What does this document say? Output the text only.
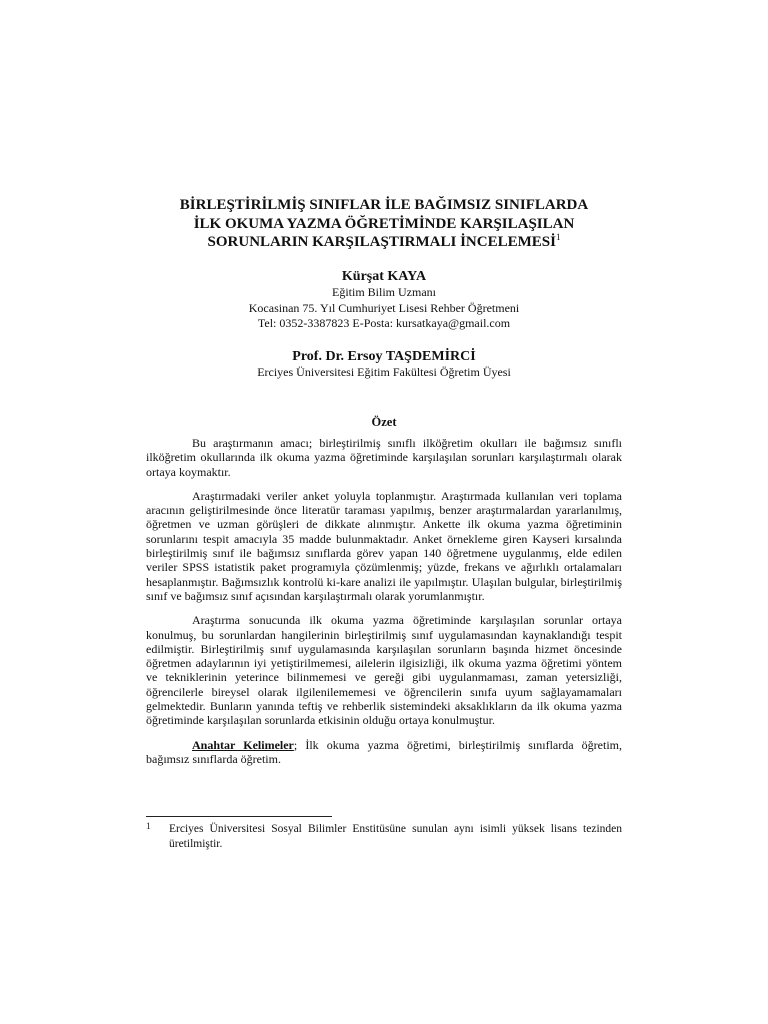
BİRLEŞTİRİLMİŞ SINIFLAR İLE BAĞIMSIZ SINIFLARDA
İLK OKUMA YAZMA ÖĞRETİMİNDE KARŞILAŞILAN
SORUNLARIN KARŞILAŞTIRMALI İNCELEMESİ$^1$
Kürşat KAYA
Eğitim Bilim Uzmanı
Kocasinan 75. Yıl Cumhuriyet Lisesi Rehber Öğretmeni
Tel: 0352-3387823 E-Posta: kursatkaya@gmail.com
Prof. Dr. Ersoy TAŞDEMİRCİ
Erciyes Üniversitesi Eğitim Fakültesi Öğretim Üyesi
Özet

Bu araştırmanın amacı; birleştirilmiş sınıflı ilköğretim okulları ile bağımsız sınıflı ilköğretim okullarında ilk okuma yazma öğretiminde karşılaşılan sorunları karşılaştırmalı olarak ortaya koymaktır.

Araştırmadaki veriler anket yoluyla toplanmıştır. Araştırmada kullanılan veri toplama aracının geliştirilmesinde önce literatür taraması yapılmış, benzer araştırmalardan yararlanılmış, öğretmen ve uzman görüşleri de dikkate alınmıştır. Ankette ilk okuma yazma öğretiminin sorunlarını tespit amacıyla 35 madde bulunmaktadır. Anket örnekleme giren Kayseri kırsalında birleştirilmiş sınıf ile bağımsız sınıflarda görev yapan 140 öğretmene uygulanmış, elde edilen veriler SPSS istatistik paket programıyla çözümlenmiş; yüzde, frekans ve ağırlıklı ortalamaları hesaplanmıştır. Bağımsızlık kontrolü ki-kare analizi ile yapılmıştır. Ulaşılan bulgular, birleştirilmiş sınıf ve bağımsız sınıf açısından karşılaştırmalı olarak yorumlanmıştır.

Araştırma sonucunda ilk okuma yazma öğretiminde karşılaşılan sorunlar ortaya konulmuş, bu sorunlardan hangilerinin birleştirilmiş sınıf uygulamasından kaynaklandığı tespit edilmiştir. Birleştirilmiş sınıf uygulamasında karşılaşılan sorunların başında hizmet öncesinde öğretmen adaylarının iyi yetiştirilmemesi, ailelerin ilgisizliği, ilk okuma yazma öğretimi yöntem ve tekniklerinin yeterince bilinmemesi ve gereği gibi uygulanmaması, zaman yetersizliği, öğrencilerle bireysel olarak ilgilenilememesi ve öğrencilerin sınıfa uyum sağlayamamaları gelmektedir. Bunların yanında teftiş ve rehberlik sistemindeki aksaklıkların da ilk okuma yazma öğretiminde karşılaşılan sorunlarda etkisinin olduğu ortaya konulmuştur.

Anahtar Kelimeler; İlk okuma yazma öğretimi, birleştirilmiş sınıflarda öğretim, bağımsız sınıflarda öğretim.

1 Erciyes Üniversitesi Sosyal Bilimler Enstitüsüne sunulan aynı isimli yüksek lisans tezinden üretilmiştir.
